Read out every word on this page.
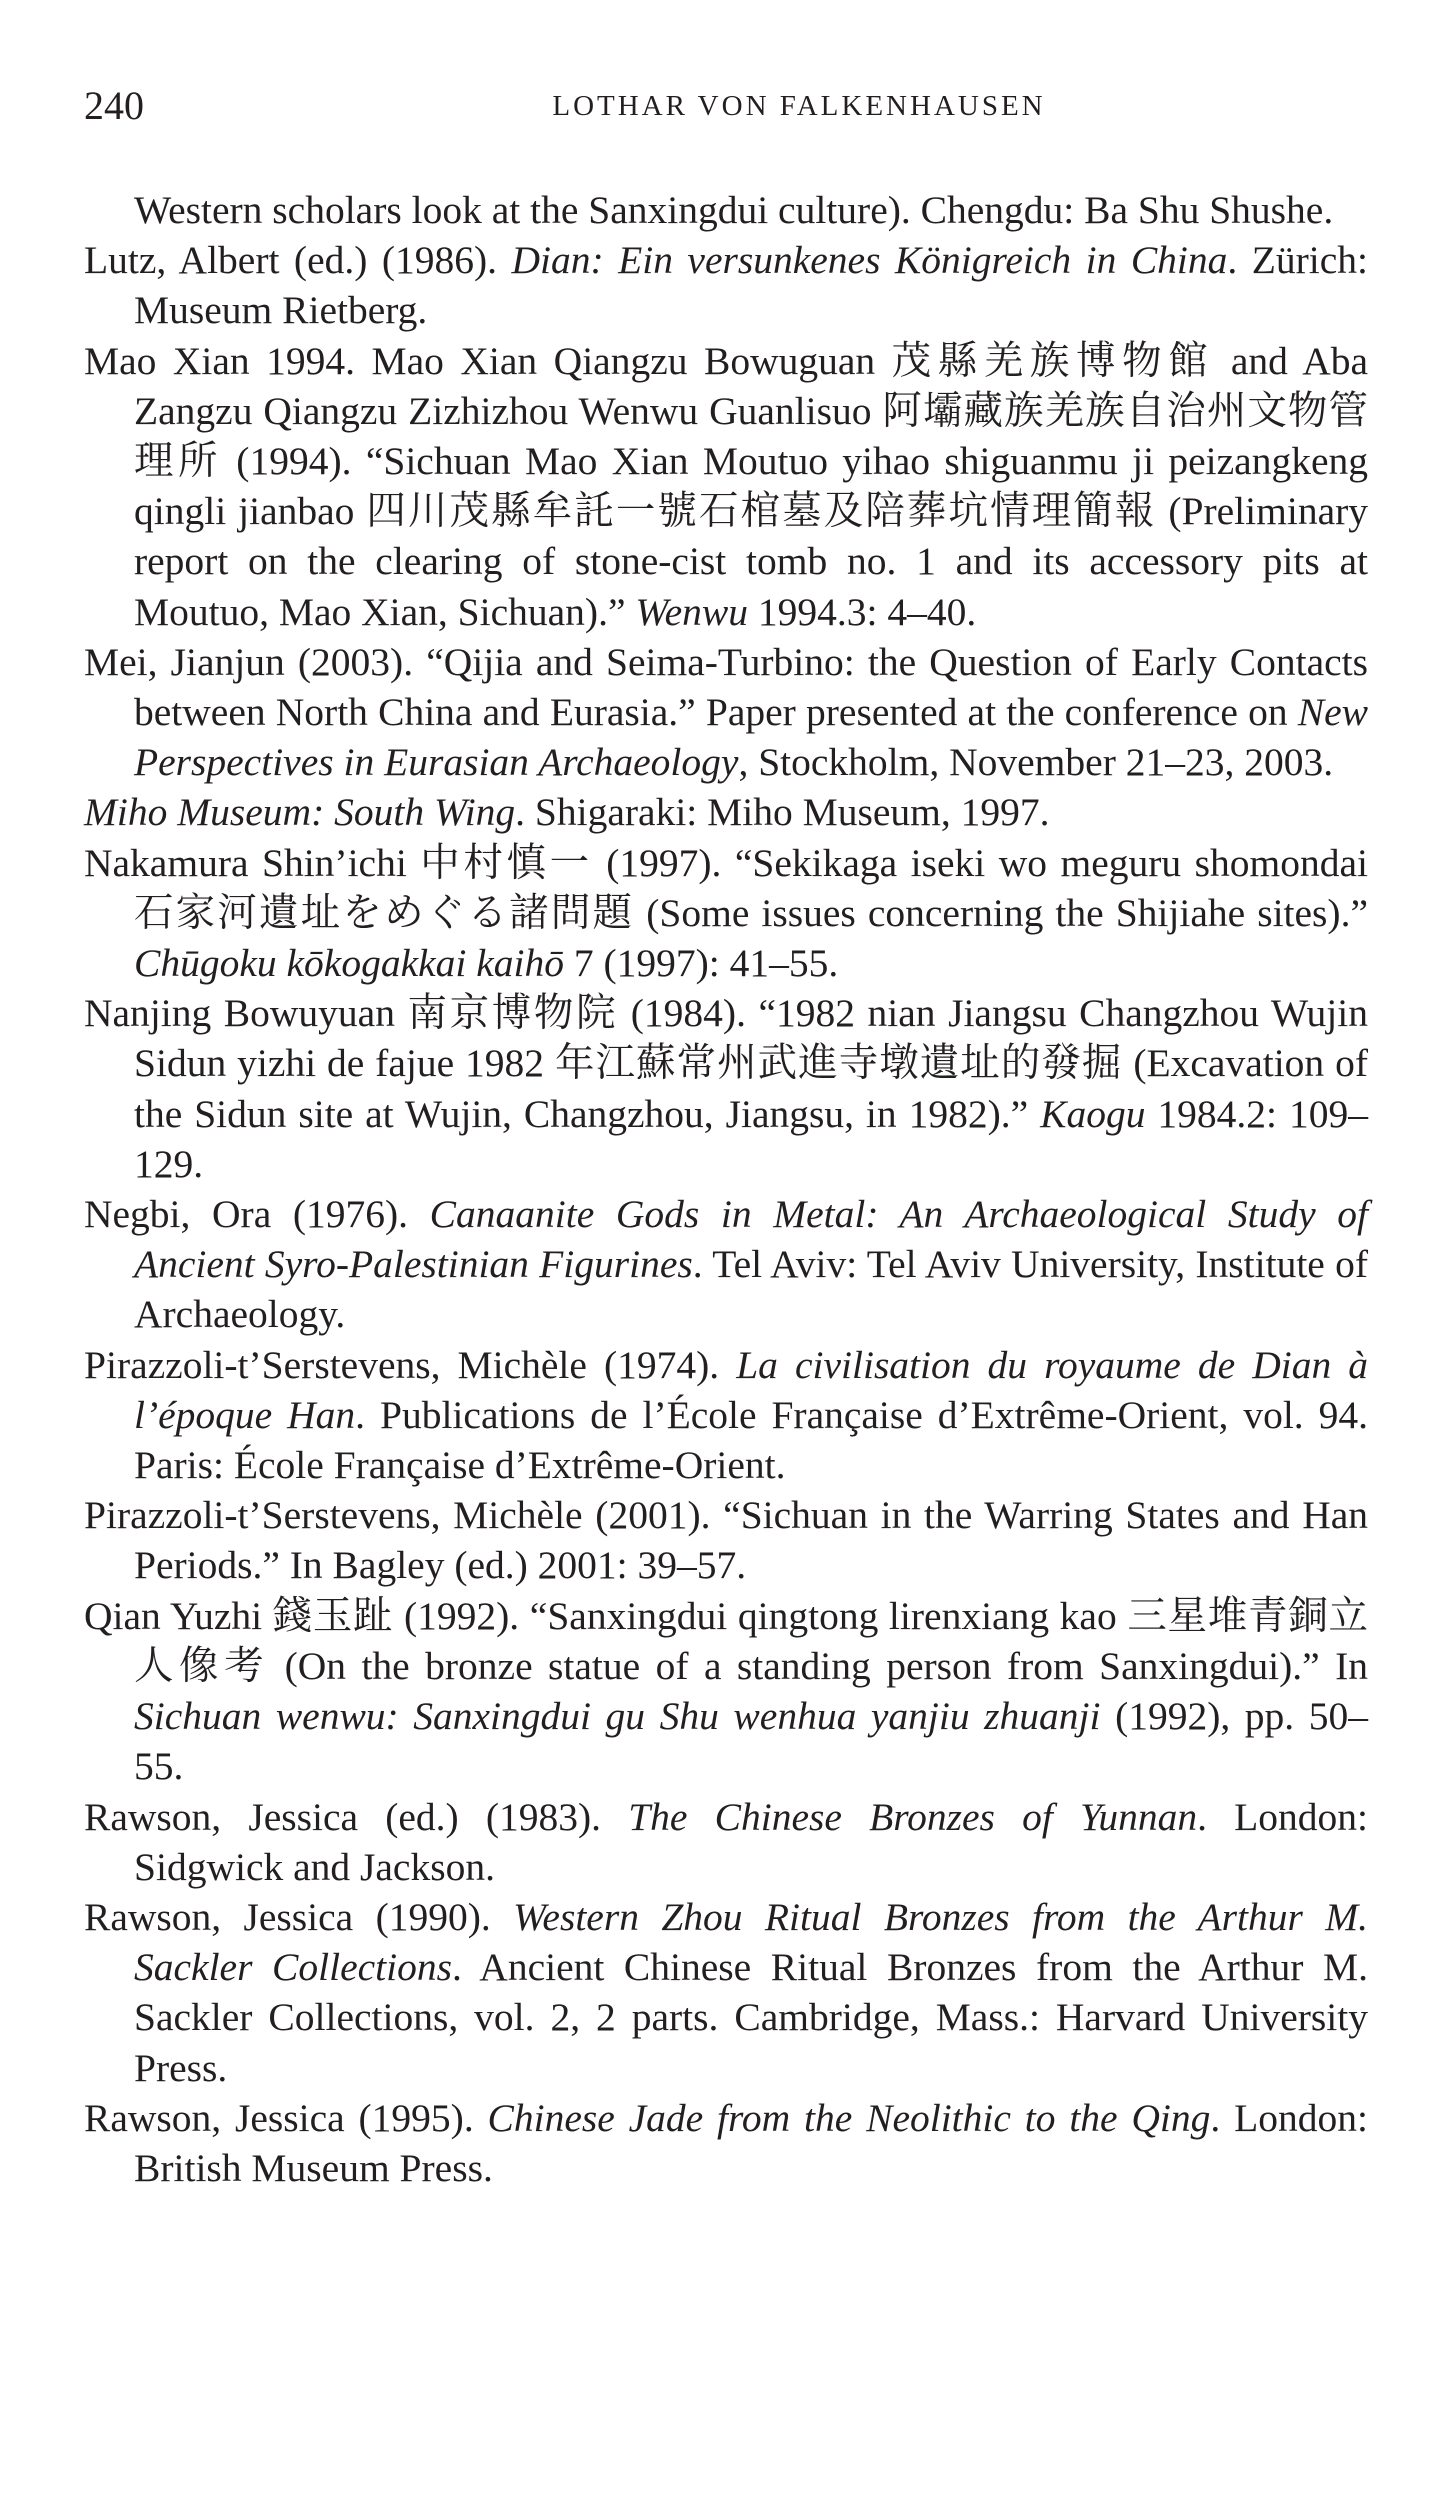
240	LOTHAR VON FALKENHAUSEN

Western scholars look at the Sanxingdui culture). Chengdu: Ba Shu Shushe.

Lutz, Albert (ed.) (1986). Dian: Ein versunkenes Königreich in China. Zürich: Museum Rietberg.

Mao Xian 1994. Mao Xian Qiangzu Bowuguan 茂縣羌族博物館 and Aba Zangzu Qiangzu Zizhizhou Wenwu Guanlisuo 阿壩藏族羌族自治州文物管理所 (1994). “Sichuan Mao Xian Moutuo yihao shiguanmu ji peizangkeng qingli jianbao 四川茂縣牟託一號石棺墓及陪葬坑情理簡報 (Preliminary report on the clearing of stone-cist tomb no. 1 and its accessory pits at Moutuo, Mao Xian, Sichuan).” Wenwu 1994.3: 4–40.

Mei, Jianjun (2003). “Qijia and Seima-Turbino: the Question of Early Contacts between North China and Eurasia.” Paper presented at the conference on New Perspectives in Eurasian Archaeology, Stockholm, November 21–23, 2003.

Miho Museum: South Wing. Shigaraki: Miho Museum, 1997.

Nakamura Shin’ichi 中村慎一 (1997). “Sekikaga iseki wo meguru shomondai 石家河遺址をめぐる諸問題 (Some issues concerning the Shijiahe sites).” Chūgoku kōkogakkai kaihō 7 (1997): 41–55.

Nanjing Bowuyuan 南京博物院 (1984). “1982 nian Jiangsu Changzhou Wujin Sidun yizhi de fajue 1982 年江蘇常州武進寺墩遺址的發掘 (Excavation of the Sidun site at Wujin, Changzhou, Jiangsu, in 1982).” Kaogu 1984.2: 109–129.

Negbi, Ora (1976). Canaanite Gods in Metal: An Archaeological Study of Ancient Syro-Palestinian Figurines. Tel Aviv: Tel Aviv University, Institute of Archaeology.

Pirazzoli-t’Serstevens, Michèle (1974). La civilisation du royaume de Dian à l’époque Han. Publications de l’École Française d’Extrême-Orient, vol. 94. Paris: École Française d’Extrême-Orient.

Pirazzoli-t’Serstevens, Michèle (2001). “Sichuan in the Warring States and Han Periods.” In Bagley (ed.) 2001: 39–57.

Qian Yuzhi 錢玉趾 (1992). “Sanxingdui qingtong lirenxiang kao 三星堆青銅立人像考 (On the bronze statue of a standing person from Sanxingdui).” In Sichuan wenwu: Sanxingdui gu Shu wenhua yanjiu zhuanji (1992), pp. 50–55.

Rawson, Jessica (ed.) (1983). The Chinese Bronzes of Yunnan. London: Sidgwick and Jackson.

Rawson, Jessica (1990). Western Zhou Ritual Bronzes from the Arthur M. Sackler Collections. Ancient Chinese Ritual Bronzes from the Arthur M. Sackler Collections, vol. 2, 2 parts. Cambridge, Mass.: Harvard University Press.

Rawson, Jessica (1995). Chinese Jade from the Neolithic to the Qing. London: British Museum Press.
